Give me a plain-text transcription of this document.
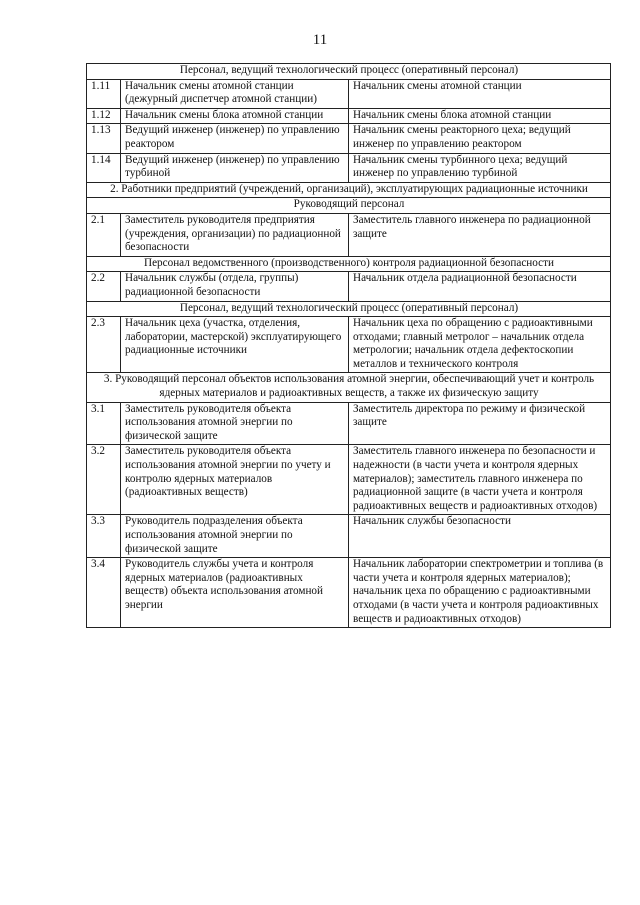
11
Персонал, ведущий технологический процесс (оперативный персонал)		
1.11	Начальник смены атомной станции (дежурный диспетчер атомной станции)	Начальник смены атомной станции
1.12	Начальник смены блока атомной станции	Начальник смены блока атомной станции
1.13	Ведущий инженер (инженер) по управлению реактором	Начальник смены реакторного цеха; ведущий инженер по управлению реактором
1.14	Ведущий инженер (инженер) по управлению турбиной	Начальник смены турбинного цеха; ведущий инженер по управлению турбиной
2. Работники предприятий (учреждений, организаций), эксплуатирующих радиационные источники		
Руководящий персонал		
2.1	Заместитель руководителя предприятия (учреждения, организации) по радиационной безопасности	Заместитель главного инженера по радиационной защите
Персонал ведомственного (производственного) контроля радиационной безопасности		
2.2	Начальник службы (отдела, группы) радиационной безопасности	Начальник отдела радиационной безопасности
Персонал, ведущий технологический процесс (оперативный персонал)		
2.3	Начальник цеха (участка, отделения, лаборатории, мастерской) эксплуатирующего радиационные источники	Начальник цеха по обращению с радиоактивными отходами; главный метролог – начальник отдела метрологии; начальник отдела дефектоскопии металлов и технического контроля
3. Руководящий персонал объектов использования атомной энергии, обеспечивающий учет и контроль ядерных материалов и радиоактивных веществ, а также их физическую защиту		
3.1	Заместитель руководителя объекта использования атомной энергии по физической защите	Заместитель директора по режиму и физической защите
3.2	Заместитель руководителя объекта использования атомной энергии по учету и контролю ядерных материалов (радиоактивных веществ)	Заместитель главного инженера по безопасности и надежности (в части учета и контроля ядерных материалов); заместитель главного инженера по радиационной защите (в части учета и контроля радиоактивных веществ и радиоактивных отходов)
3.3	Руководитель подразделения объекта использования атомной энергии по физической защите	Начальник службы безопасности
3.4	Руководитель службы учета и контроля ядерных материалов (радиоактивных веществ) объекта использования атомной энергии	Начальник лаборатории спектрометрии и топлива (в части учета и контроля ядерных материалов); начальник цеха по обращению с радиоактивными отходами (в части учета и контроля радиоактивных веществ и радиоактивных отходов)
